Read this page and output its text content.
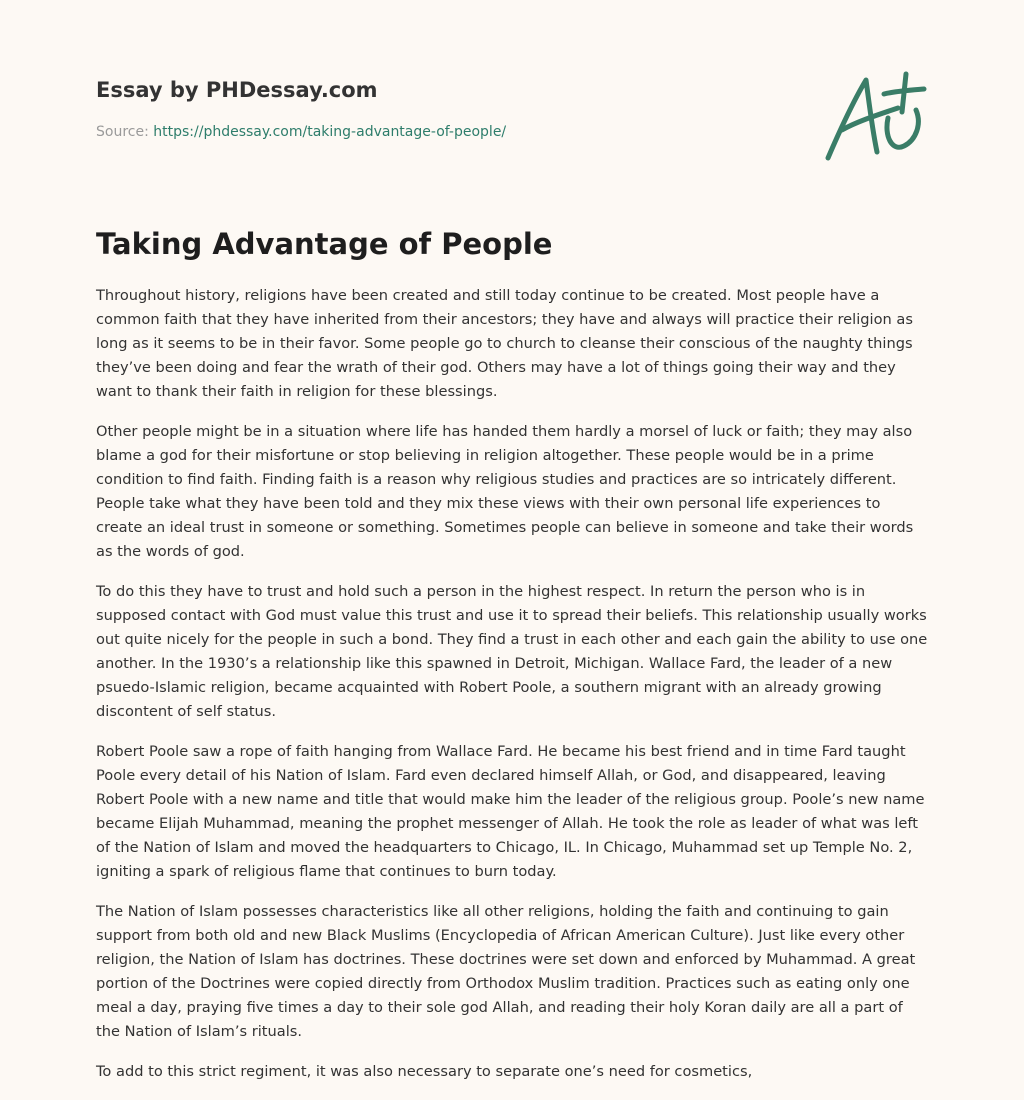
Essay by PHDessay.com
Source: https://phdessay.com/taking-advantage-of-people/
Taking Advantage of People

Throughout history, religions have been created and still today continue to be created. Most people have a common faith that they have inherited from their ancestors; they have and always will practice their religion as long as it seems to be in their favor. Some people go to church to cleanse their conscious of the naughty things they’ve been doing and fear the wrath of their god. Others may have a lot of things going their way and they want to thank their faith in religion for these blessings.

Other people might be in a situation where life has handed them hardly a morsel of luck or faith; they may also blame a god for their misfortune or stop believing in religion altogether. These people would be in a prime condition to find faith. Finding faith is a reason why religious studies and practices are so intricately different. People take what they have been told and they mix these views with their own personal life experiences to create an ideal trust in someone or something. Sometimes people can believe in someone and take their words as the words of god.

To do this they have to trust and hold such a person in the highest respect. In return the person who is in supposed contact with God must value this trust and use it to spread their beliefs. This relationship usually works out quite nicely for the people in such a bond. They find a trust in each other and each gain the ability to use one another. In the 1930’s a relationship like this spawned in Detroit, Michigan. Wallace Fard, the leader of a new psuedo-Islamic religion, became acquainted with Robert Poole, a southern migrant with an already growing discontent of self status.

Robert Poole saw a rope of faith hanging from Wallace Fard. He became his best friend and in time Fard taught Poole every detail of his Nation of Islam. Fard even declared himself Allah, or God, and disappeared, leaving Robert Poole with a new name and title that would make him the leader of the religious group. Poole’s new name became Elijah Muhammad, meaning the prophet messenger of Allah. He took the role as leader of what was left of the Nation of Islam and moved the headquarters to Chicago, IL. In Chicago, Muhammad set up Temple No. 2, igniting a spark of religious flame that continues to burn today.

The Nation of Islam possesses characteristics like all other religions, holding the faith and continuing to gain support from both old and new Black Muslims (Encyclopedia of African American Culture). Just like every other religion, the Nation of Islam has doctrines. These doctrines were set down and enforced by Muhammad. A great portion of the Doctrines were copied directly from Orthodox Muslim tradition. Practices such as eating only one meal a day, praying five times a day to their sole god Allah, and reading their holy Koran daily are all a part of the Nation of Islam’s rituals.

To add to this strict regiment, it was also necessary to separate one’s need for cosmetics,
